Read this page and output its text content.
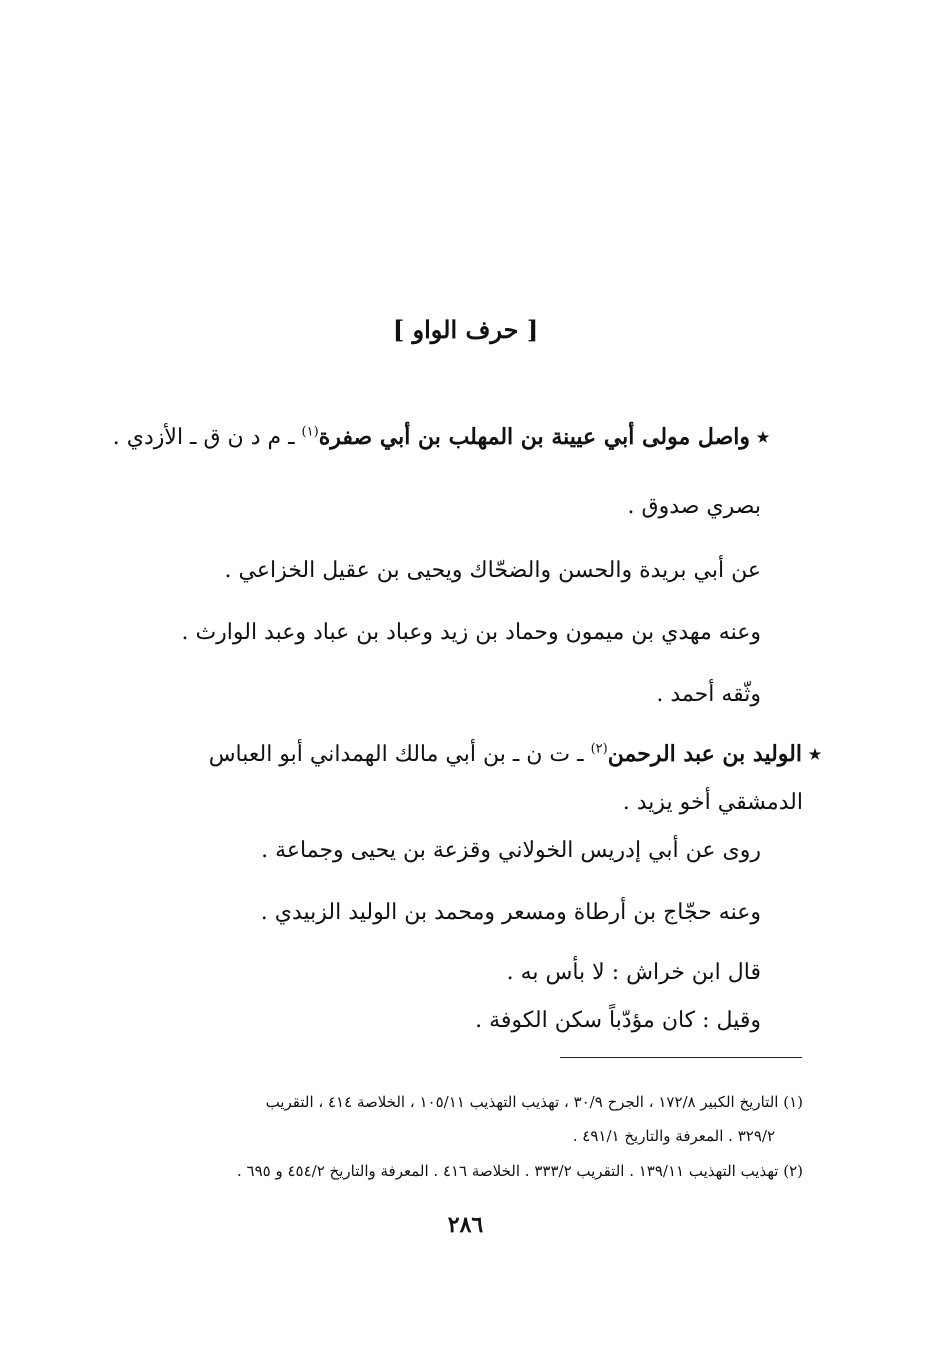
[ حرف الواو ]
٭ واصل مولى أبي عيينة بن المهلب بن أبي صفرة$^{(١)}$ ـ م د ن ق ـ الأزدي .
بصري صدوق .
عن أبي بريدة والحسن والضحّاك ويحيى بن عقيل الخزاعي .
وعنه مهدي بن ميمون وحماد بن زيد وعباد بن عباد وعبد الوارث .
وثّقه أحمد .
٭ الوليد بن عبد الرحمن$^{(٢)}$ ـ ت ن ـ بن أبي مالك الهمداني أبو العباس
الدمشقي أخو يزيد .
روى عن أبي إدريس الخولاني وقزعة بن يحيى وجماعة .
وعنه حجّاج بن أرطاة ومسعر ومحمد بن الوليد الزبيدي .
قال ابن خراش : لا بأس به .
وقيل : كان مؤدّباً سكن الكوفة .
(١) التاريخ الكبير ١٧٢/٨ ، الجرح ٣٠/٩ ، تهذيب التهذيب ١٠٥/١١ ، الخلاصة ٤١٤ ، التقريب
٣٢٩/٢ . المعرفة والتاريخ ٤٩١/١ .
(٢) تهذيب التهذيب ١٣٩/١١ . التقريب ٣٣٣/٢ . الخلاصة ٤١٦ . المعرفة والتاريخ ٤٥٤/٢ و ٦٩٥ .
٢٨٦
